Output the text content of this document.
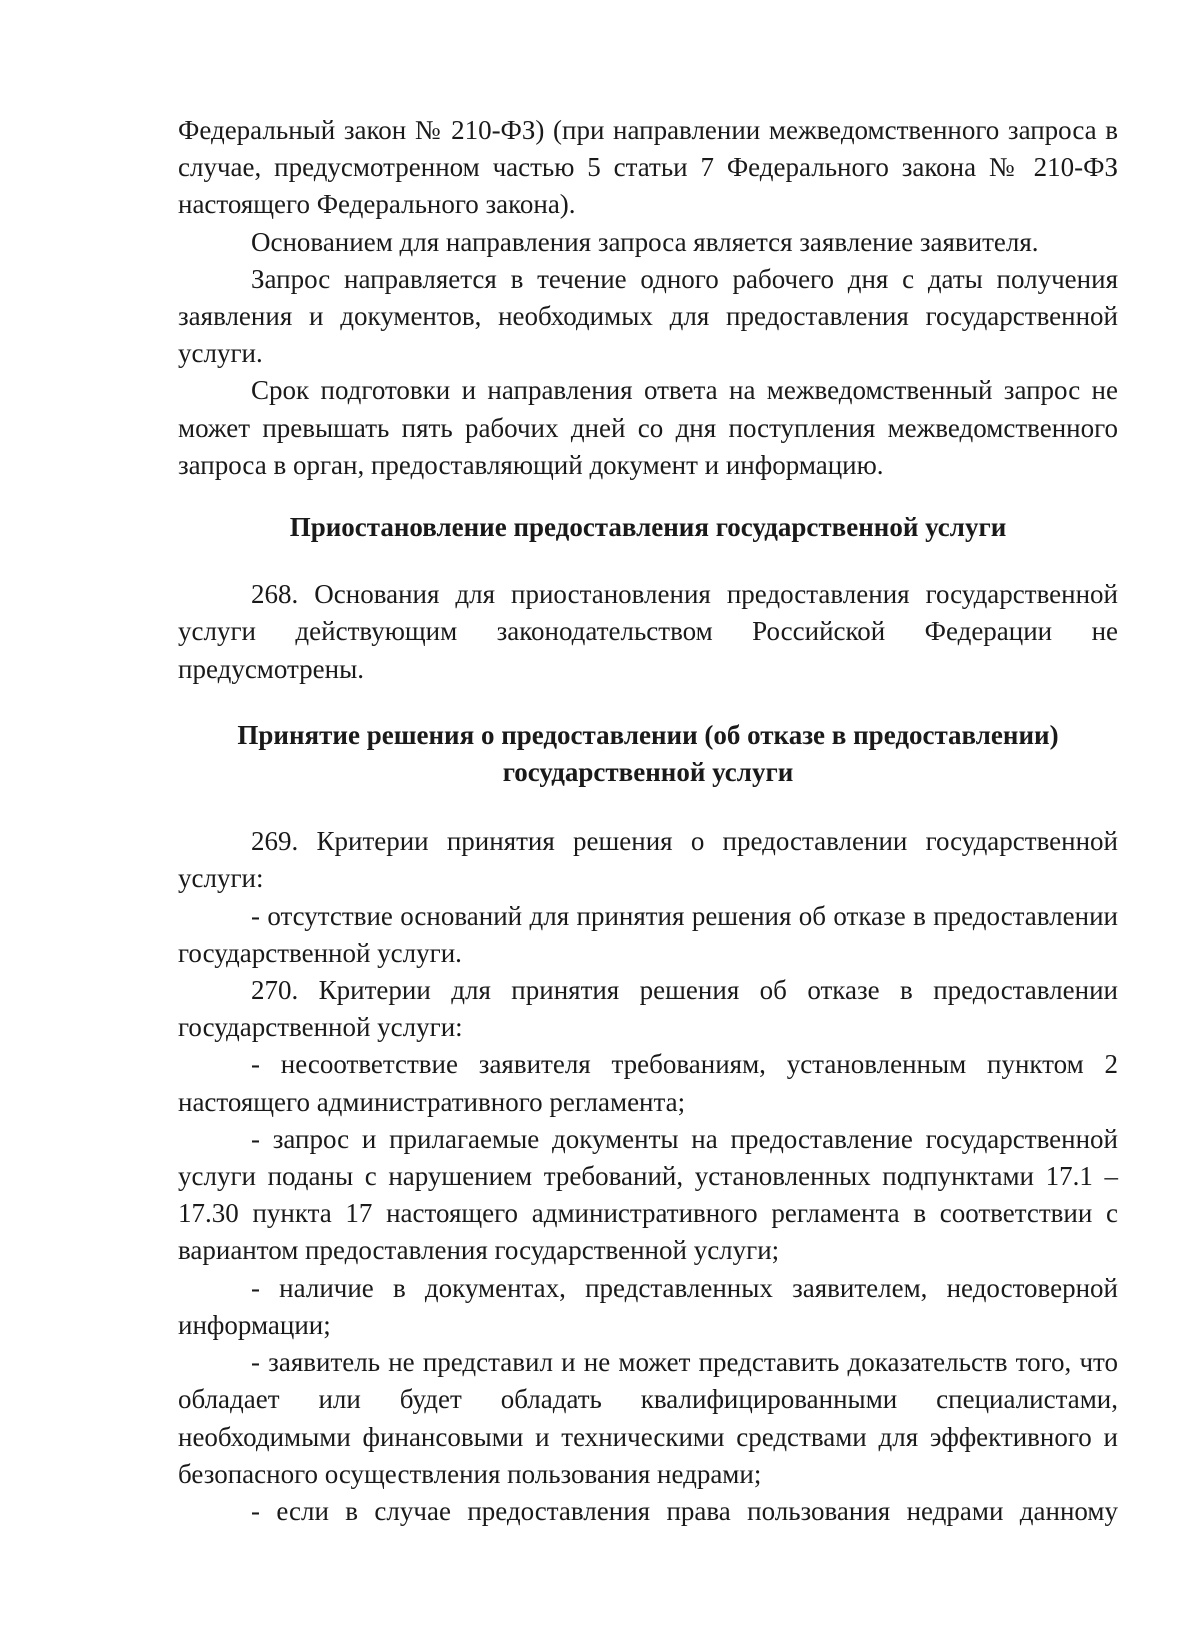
Федеральный закон № 210-ФЗ) (при направлении межведомственного запроса в случае, предусмотренном частью 5 статьи 7 Федерального закона № 210-ФЗ настоящего Федерального закона).

Основанием для направления запроса является заявление заявителя.

Запрос направляется в течение одного рабочего дня с даты получения заявления и документов, необходимых для предоставления государственной услуги.

Срок подготовки и направления ответа на межведомственный запрос не может превышать пять рабочих дней со дня поступления межведомственного запроса в орган, предоставляющий документ и информацию.

Приостановление предоставления государственной услуги

268. Основания для приостановления предоставления государственной услуги действующим законодательством Российской Федерации не предусмотрены.

Принятие решения о предоставлении (об отказе в предоставлении)

государственной услуги

269. Критерии принятия решения о предоставлении государственной услуги:

- отсутствие оснований для принятия решения об отказе в предоставлении государственной услуги.

270. Критерии для принятия решения об отказе в предоставлении государственной услуги:

- несоответствие заявителя требованиям, установленным пунктом 2 настоящего административного регламента;

- запрос и прилагаемые документы на предоставление государственной услуги поданы с нарушением требований, установленных подпунктами 17.1 – 17.30 пункта 17 настоящего административного регламента в соответствии с вариантом предоставления государственной услуги;

- наличие в документах, представленных заявителем, недостоверной информации;

- заявитель не представил и не может представить доказательств того, что обладает или будет обладать квалифицированными специалистами, необходимыми финансовыми и техническими средствами для эффективного и безопасного осуществления пользования недрами;

- если в случае предоставления права пользования недрами данному
